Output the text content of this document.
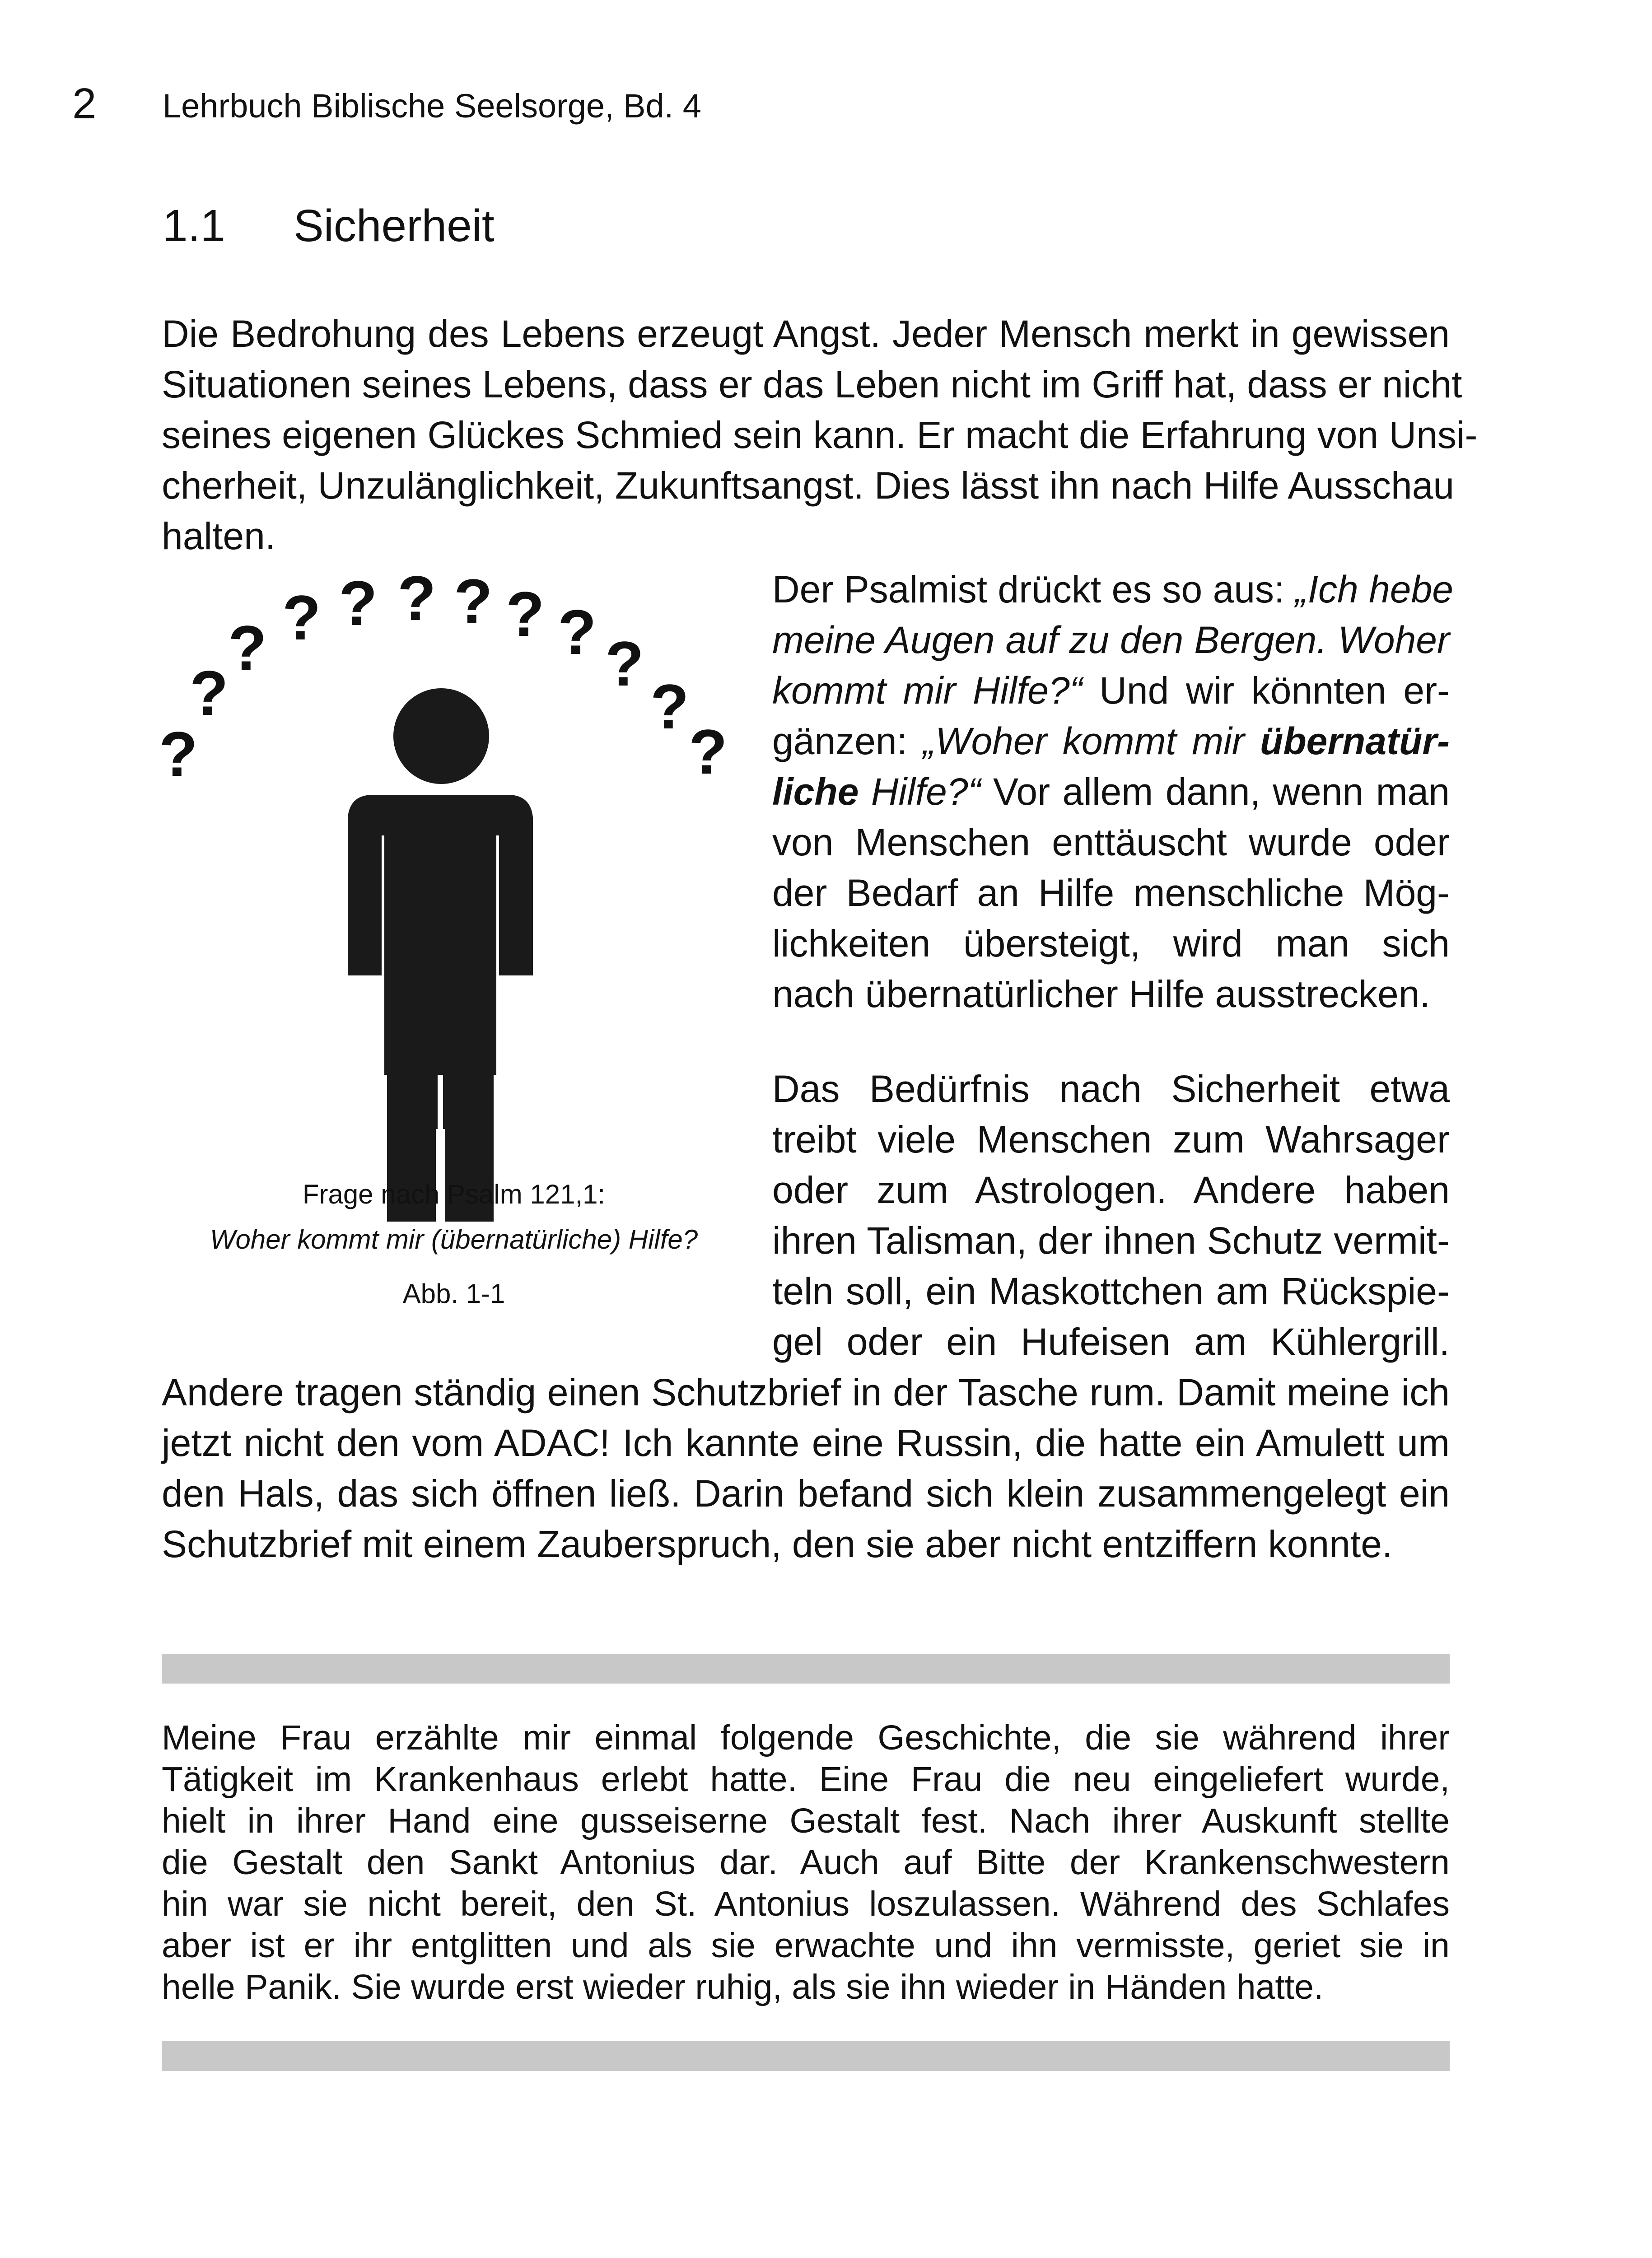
2 Lehrbuch Biblische Seelsorge, Bd. 4
1.1 Sicherheit
Die Bedrohung des Lebens erzeugt Angst. Jeder Mensch merkt in gewissen
Situationen seines Lebens, dass er das Leben nicht im Griff hat, dass er nicht
seines eigenen Glückes Schmied sein kann. Er macht die Erfahrung von Unsi-
cherheit, Unzulänglichkeit, Zukunftsangst. Dies lässt ihn nach Hilfe Ausschau
halten.
?
?
? ? ? ? ? ? ? ?
?
?
Frage nach Psalm 121,1:
Woher kommt mir (übernatürliche) Hilfe?
Abb. 1-1
Der Psalmist drückt es so aus: „Ich hebe
meine Augen auf zu den Bergen. Woher
kommt mir Hilfe?“ Und wir könnten er-
gänzen: „Woher kommt mir übernatür-
liche Hilfe?“ Vor allem dann, wenn man
von Menschen enttäuscht wurde oder
der Bedarf an Hilfe menschliche Mög-
lichkeiten übersteigt, wird man sich
nach übernatürlicher Hilfe ausstrecken.
Das Bedürfnis nach Sicherheit etwa
treibt viele Menschen zum Wahrsager
oder zum Astrologen. Andere haben
ihren Talisman, der ihnen Schutz vermit-
teln soll, ein Maskottchen am Rückspie-
gel oder ein Hufeisen am Kühlergrill.
Andere tragen ständig einen Schutzbrief in der Tasche rum. Damit meine ich
jetzt nicht den vom ADAC! Ich kannte eine Russin, die hatte ein Amulett um
den Hals, das sich öffnen ließ. Darin befand sich klein zusammengelegt ein
Schutzbrief mit einem Zauberspruch, den sie aber nicht entziffern konnte.
Meine Frau erzählte mir einmal folgende Geschichte, die sie während ihrer
Tätigkeit im Krankenhaus erlebt hatte. Eine Frau die neu eingeliefert wurde,
hielt in ihrer Hand eine gusseiserne Gestalt fest. Nach ihrer Auskunft stellte
die Gestalt den Sankt Antonius dar. Auch auf Bitte der Krankenschwestern
hin war sie nicht bereit, den St. Antonius loszulassen. Während des Schlafes
aber ist er ihr entglitten und als sie erwachte und ihn vermisste, geriet sie in
helle Panik. Sie wurde erst wieder ruhig, als sie ihn wieder in Händen hatte.
